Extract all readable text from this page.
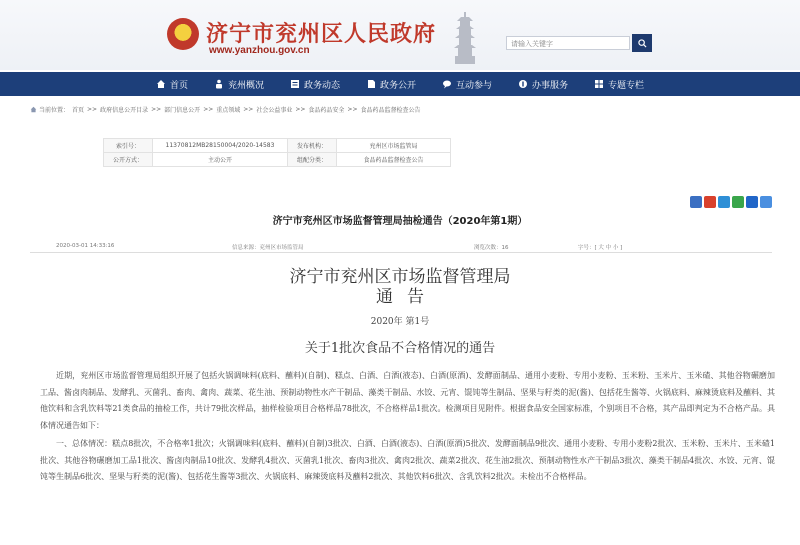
济宁市兖州区人民政府
www.yanzhou.gov.cn
请输入关键字
首页	兖州概况	政务动态	政务公开	互动参与	办事服务	专题专栏
当前位置： 首页 >> 政府信息公开目录 >> 部门信息公开 >> 重点领域 >> 社会公益事业 >> 食品药品安全 >> 食品药品监督检查公告
索引号：	11370812MB28150004/2020-14583	发布机构：	兖州区市场监管局
公开方式：	主动公开	组配分类：	食品药品监督检查公告
济宁市兖州区市场监督管理局抽检通告（2020年第1期）
2020-03-01 14:33:16	信息来源：兖州区市场监管局	浏览次数：16	字号：[ 大 中 小 ]
济宁市兖州区市场监督管理局
通告
2020年 第1号
关于1批次食品不合格情况的通告

近期，兖州区市场监督管理局组织开展了包括火锅调味料(底料、蘸料)(自制)、糕点、白酒、白酒(液态)、白酒(原酒)、发酵面制品、通用小麦粉、专用小麦粉、玉米粉、玉米片、玉米碴、其他谷物碾磨加工品、酱卤肉制品、发酵乳、灭菌乳、畜肉、禽肉、蔬菜、花生油、预制动物性水产干制品、藻类干制品、水饺、元宵、馄饨等生制品、坚果与籽类的泥(酱)、包括花生酱等、火锅底料、麻辣烫底料及蘸料、其他饮料和含乳饮料等21类食品的抽检工作，共计79批次样品，抽样检验项目合格样品78批次，不合格样品1批次。检测项目见附件。根据食品安全国家标准，个别项目不合格，其产品即判定为不合格产品。具体情况通告如下：

一、总体情况：糕点8批次，不合格率1批次；火锅调味料(底料、蘸料)(自制)3批次、白酒、白酒(液态)、白酒(原酒)5批次、发酵面制品9批次、通用小麦粉、专用小麦粉2批次、玉米粉、玉米片、玉米碴1批次、其他谷物碾磨加工品1批次、酱卤肉制品10批次、发酵乳4批次、灭菌乳1批次、畜肉3批次、禽肉2批次、蔬菜2批次、花生油2批次、预制动物性水产干制品3批次、藻类干制品4批次、水饺、元宵、馄饨等生制品6批次、坚果与籽类的泥(酱)、包括花生酱等3批次、火锅底料、麻辣烫底料及蘸料2批次、其他饮料6批次、含乳饮料2批次。未检出不合格样品。
